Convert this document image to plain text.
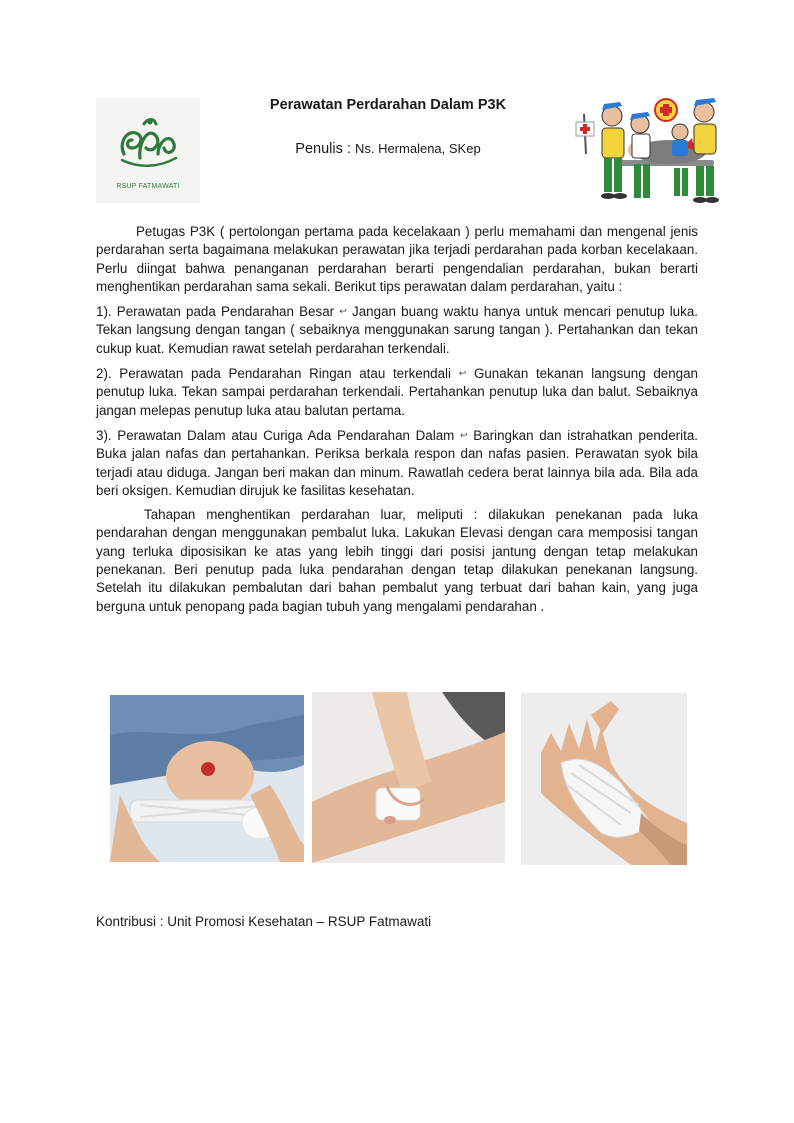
RSUP FATMAWATI
Perawatan Perdarahan Dalam P3K
Penulis : Ns. Hermalena, SKep

Petugas P3K ( pertolongan pertama pada kecelakaan ) perlu memahami dan mengenal jenis perdarahan serta bagaimana melakukan perawatan jika terjadi perdarahan pada korban kecelakaan. Perlu diingat bahwa penanganan perdarahan berarti pengendalian perdarahan, bukan berarti menghentikan perdarahan sama sekali. Berikut tips perawatan dalam perdarahan, yaitu :

1). Perawatan pada Pendarahan Besar ↩ Jangan buang waktu hanya untuk mencari penutup luka. Tekan langsung dengan tangan ( sebaiknya menggunakan sarung tangan ). Pertahankan dan tekan cukup kuat. Kemudian rawat setelah perdarahan terkendali.

2). Perawatan pada Pendarahan Ringan atau terkendali ↩ Gunakan tekanan langsung dengan penutup luka. Tekan sampai perdarahan terkendali. Pertahankan penutup luka dan balut. Sebaiknya jangan melepas penutup luka atau balutan pertama.

3). Perawatan Dalam atau Curiga Ada Pendarahan Dalam ↩ Baringkan dan istrahatkan penderita. Buka jalan nafas dan pertahankan. Periksa berkala respon dan nafas pasien. Perawatan syok bila terjadi atau diduga. Jangan beri makan dan minum. Rawatlah cedera berat lainnya bila ada. Bila ada beri oksigen. Kemudian dirujuk ke fasilitas kesehatan.

Tahapan menghentikan perdarahan luar, meliputi : dilakukan penekanan pada luka pendarahan dengan menggunakan pembalut luka. Lakukan Elevasi dengan cara memposisi tangan yang terluka diposisikan ke atas yang lebih tinggi dari posisi jantung dengan tetap melakukan penekanan. Beri penutup pada luka pendarahan dengan tetap dilakukan penekanan langsung. Setelah itu dilakukan pembalutan dari bahan pembalut yang terbuat dari bahan kain, yang juga berguna untuk penopang pada bagian tubuh yang mengalami pendarahan .

Kontribusi : Unit Promosi Kesehatan – RSUP Fatmawati
